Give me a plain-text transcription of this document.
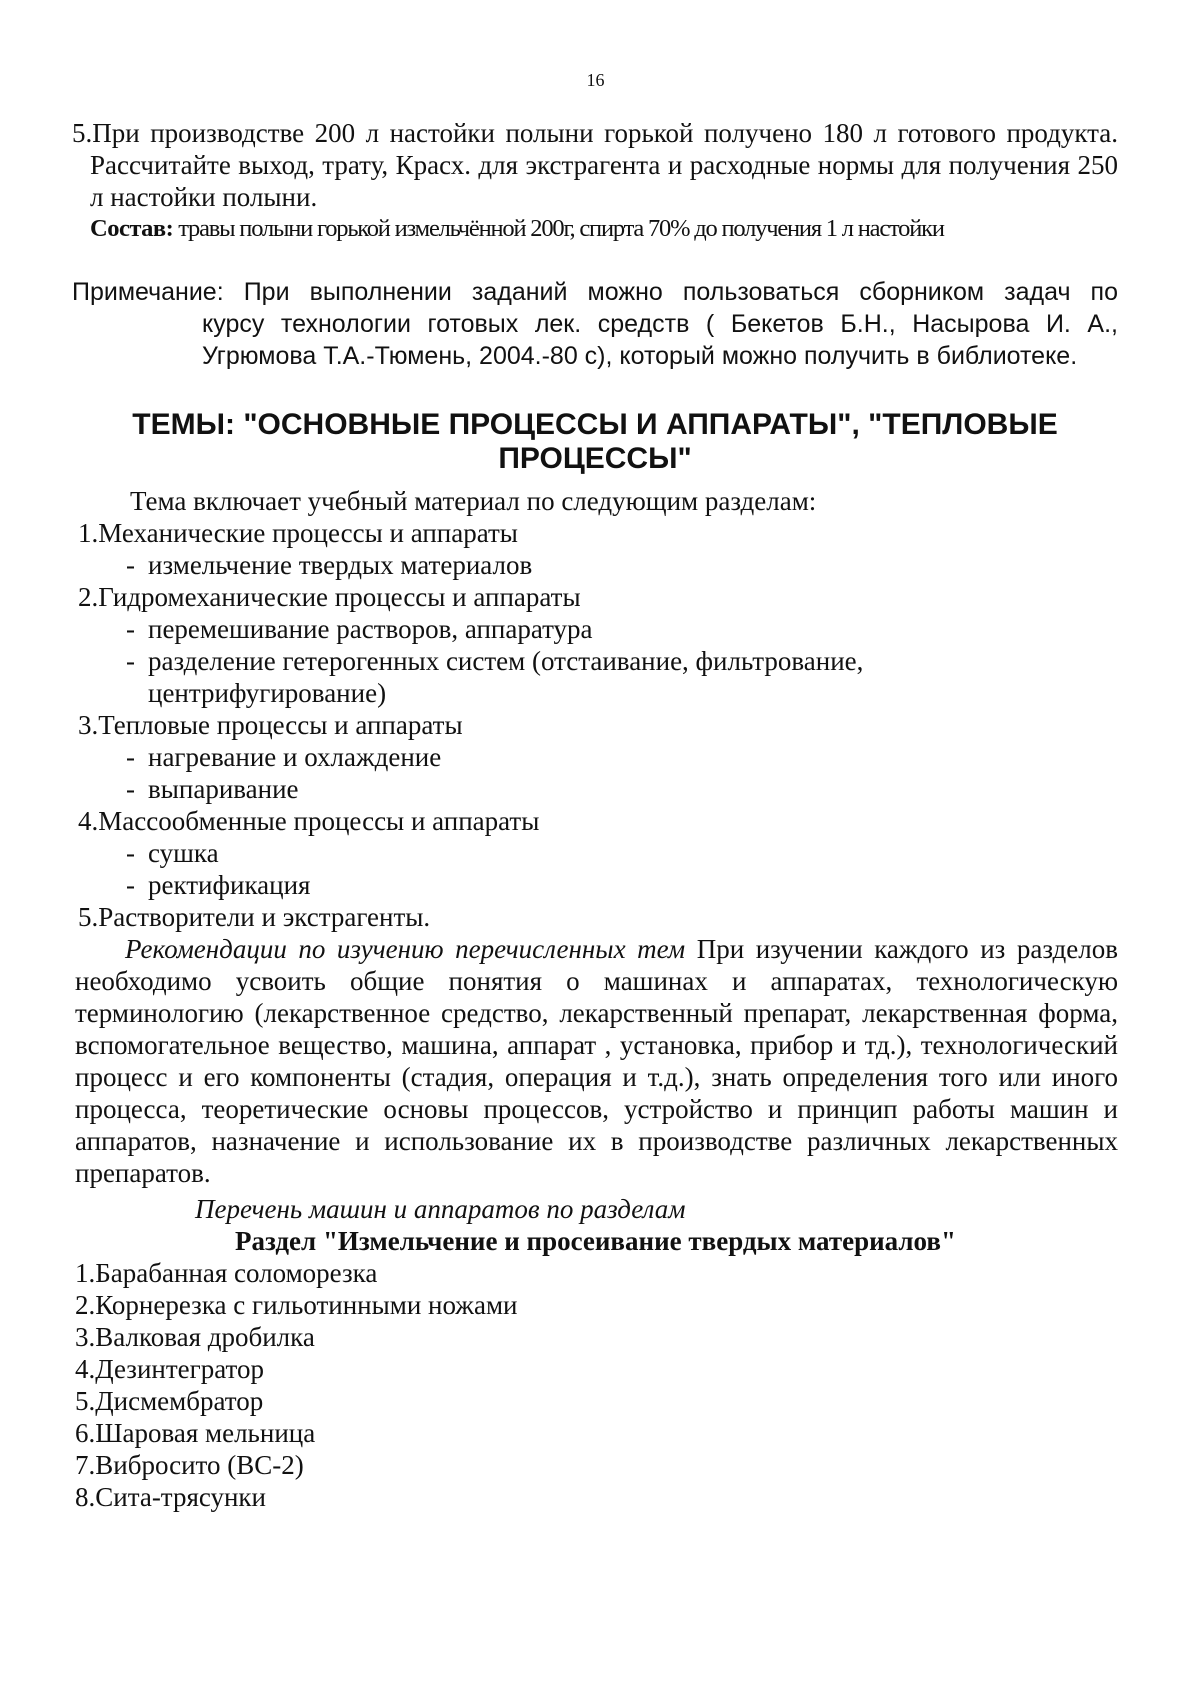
16
5.При производстве 200 л настойки полыни горькой получено 180 л готового продукта. Рассчитайте выход, трату, Красх. для экстрагента и расходные нормы для получения 250 л настойки полыни.
Состав: травы полыни горькой измельчённой 200г, спирта 70% до получения 1 л настойки
Примечание: При выполнении заданий можно пользоваться сборником задач по
курсу технологии готовых лек. средств ( Бекетов Б.Н., Насырова И. А., Угрюмова Т.А.-Тюмень, 2004.-80 с), который можно получить в библиотеке.
ТЕМЫ: "ОСНОВНЫЕ ПРОЦЕССЫ И АППАРАТЫ", "ТЕПЛОВЫЕ ПРОЦЕССЫ"
Тема включает учебный материал по следующим разделам:
1.Механические процессы и аппараты
- измельчение твердых материалов
2.Гидромеханические процессы и аппараты
- перемешивание растворов, аппаратура
- разделение гетерогенных систем (отстаивание, фильтрование,
центрифугирование)
3.Тепловые процессы и аппараты
- нагревание и охлаждение
- выпаривание
4.Массообменные процессы и аппараты
- сушка
- ректификация
5.Растворители и экстрагенты.
Рекомендации по изучению перечисленных тем При изучении каждого из разделов необходимо усвоить общие понятия о машинах и аппаратах, технологическую терминологию (лекарственное средство, лекарственный препарат, лекарственная форма, вспомогательное вещество, машина, аппарат , установка, прибор и тд.), технологический процесс и его компоненты (стадия, операция и т.д.), знать определения того или иного процесса, теоретические основы процессов, устройство и принцип работы машин и аппаратов, назначение и использование их в производстве различных лекарственных препаратов.
Перечень машин и аппаратов по разделам
Раздел "Измельчение и просеивание твердых материалов"
1.Барабанная соломорезка
2.Корнерезка с гильотинными ножами
3.Валковая дробилка
4.Дезинтегратор
5.Дисмембратор
6.Шаровая мельница
7.Вибросито (ВС-2)
8.Сита-трясунки
